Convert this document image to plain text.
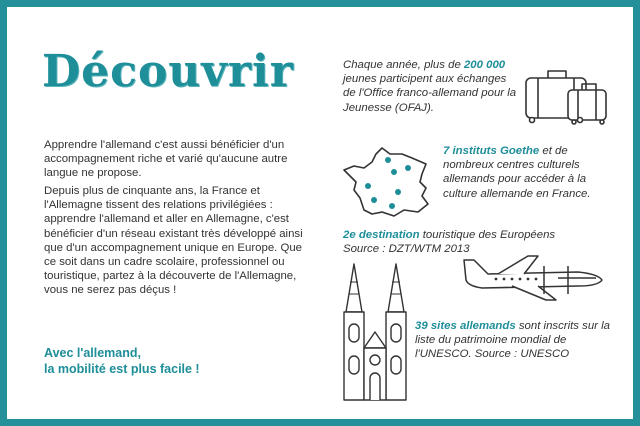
Découvrir
Apprendre l'allemand c'est aussi bénéficier d'un accompagnement riche et varié qu'aucune autre langue ne propose.
Depuis plus de cinquante ans, la France et l'Allemagne tissent des relations privilégiées : apprendre l'allemand et aller en Allemagne, c'est bénéficier d'un réseau existant très développé ainsi que d'un accompagnement unique en Europe. Que ce soit dans un cadre scolaire, professionnel ou touristique, partez à la découverte de l'Allemagne, vous ne serez pas déçus !
Avec l'allemand,
la mobilité est plus facile !
Chaque année, plus de 200 000 jeunes participent aux échanges de l'Office franco-allemand pour la Jeunesse (OFAJ).
7 instituts Goethe et de nombreux centres culturels allemands pour accéder à la culture allemande en France.
2e destination touristique des Européens
Source : DZT/WTM 2013
39 sites allemands sont inscrits sur la liste du patrimoine mondial de l'UNESCO. Source : UNESCO
